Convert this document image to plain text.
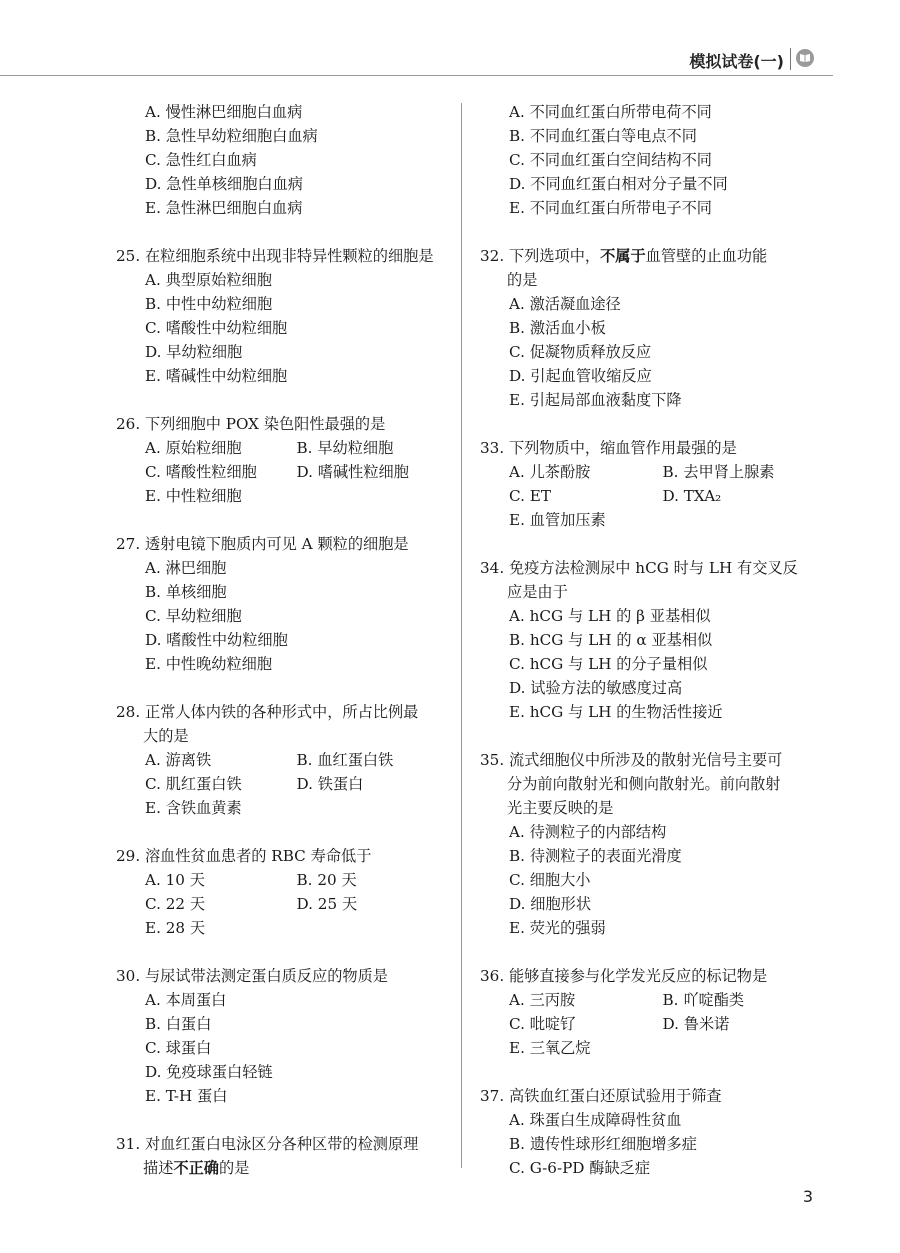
模拟试卷(一)
A. 慢性淋巴细胞白血病
B. 急性早幼粒细胞白血病
C. 急性红白血病
D. 急性单核细胞白血病
E. 急性淋巴细胞白血病
25. 在粒细胞系统中出现非特异性颗粒的细胞是
A. 典型原始粒细胞
B. 中性中幼粒细胞
C. 嗜酸性中幼粒细胞
D. 早幼粒细胞
E. 嗜碱性中幼粒细胞
26. 下列细胞中 POX 染色阳性最强的是
A. 原始粒细胞	B. 早幼粒细胞
C. 嗜酸性粒细胞	D. 嗜碱性粒细胞
E. 中性粒细胞
27. 透射电镜下胞质内可见 A 颗粒的细胞是
A. 淋巴细胞
B. 单核细胞
C. 早幼粒细胞
D. 嗜酸性中幼粒细胞
E. 中性晚幼粒细胞
28. 正常人体内铁的各种形式中，所占比例最
大的是
A. 游离铁	B. 血红蛋白铁
C. 肌红蛋白铁	D. 铁蛋白
E. 含铁血黄素
29. 溶血性贫血患者的 RBC 寿命低于
A. 10 天	B. 20 天
C. 22 天	D. 25 天
E. 28 天
30. 与尿试带法测定蛋白质反应的物质是
A. 本周蛋白
B. 白蛋白
C. 球蛋白
D. 免疫球蛋白轻链
E. T-H 蛋白
31. 对血红蛋白电泳区分各种区带的检测原理
描述不正确的是
A. 不同血红蛋白所带电荷不同
B. 不同血红蛋白等电点不同
C. 不同血红蛋白空间结构不同
D. 不同血红蛋白相对分子量不同
E. 不同血红蛋白所带电子不同
32. 下列选项中，不属于血管壁的止血功能
的是
A. 激活凝血途径
B. 激活血小板
C. 促凝物质释放反应
D. 引起血管收缩反应
E. 引起局部血液黏度下降
33. 下列物质中，缩血管作用最强的是
A. 儿茶酚胺	B. 去甲肾上腺素
C. ET	D. TXA₂
E. 血管加压素
34. 免疫方法检测尿中 hCG 时与 LH 有交叉反
应是由于
A. hCG 与 LH 的 β 亚基相似
B. hCG 与 LH 的 α 亚基相似
C. hCG 与 LH 的分子量相似
D. 试验方法的敏感度过高
E. hCG 与 LH 的生物活性接近
35. 流式细胞仪中所涉及的散射光信号主要可
分为前向散射光和侧向散射光。前向散射
光主要反映的是
A. 待测粒子的内部结构
B. 待测粒子的表面光滑度
C. 细胞大小
D. 细胞形状
E. 荧光的强弱
36. 能够直接参与化学发光反应的标记物是
A. 三丙胺	B. 吖啶酯类
C. 吡啶钌	D. 鲁米诺
E. 三氧乙烷
37. 高铁血红蛋白还原试验用于筛查
A. 珠蛋白生成障碍性贫血
B. 遗传性球形红细胞增多症
C. G-6-PD 酶缺乏症
3
